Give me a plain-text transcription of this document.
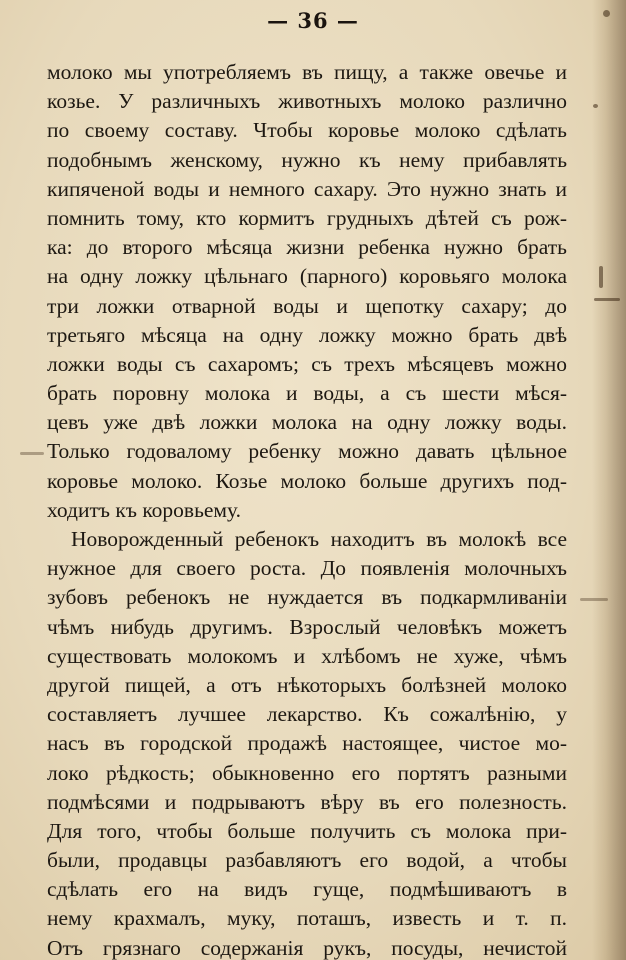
— 36 —
молоко мы употребляемъ въ пищу, а также овечье и
козье. У различныхъ животныхъ молоко различно
по своему составу. Чтобы коровье молоко сдѣлать
подобнымъ женскому, нужно къ нему прибавлять
кипяченой воды и немного сахару. Это нужно знать и
помнить тому, кто кормитъ грудныхъ дѣтей съ рож-
ка: до второго мѣсяца жизни ребенка нужно брать
на одну ложку цѣльнаго (парного) коровьяго молока
три ложки отварной воды и щепотку сахару; до
третьяго мѣсяца на одну ложку можно брать двѣ
ложки воды съ сахаромъ; съ трехъ мѣсяцевъ можно
брать поровну молока и воды, а съ шести мѣся-
цевъ уже двѣ ложки молока на одну ложку воды.
Только годовалому ребенку можно давать цѣльное
коровье молоко. Козье молоко больше другихъ под-
ходитъ къ коровьему.
Новорожденный ребенокъ находитъ въ молокѣ все
нужное для своего роста. До появленія молочныхъ
зубовъ ребенокъ не нуждается въ подкармливаніи
чѣмъ нибудь другимъ. Взрослый человѣкъ можетъ
существовать молокомъ и хлѣбомъ не хуже, чѣмъ
другой пищей, а отъ нѣкоторыхъ болѣзней молоко
составляетъ лучшее лекарство. Къ сожалѣнію, у
насъ въ городской продажѣ настоящее, чистое мо-
локо рѣдкость; обыкновенно его портятъ разными
подмѣсями и подрываютъ вѣру въ его полезность.
Для того, чтобы больше получить съ молока при-
были, продавцы разбавляютъ его водой, а чтобы
сдѣлать его на видъ гуще, подмѣшиваютъ в
нему крахмалъ, муку, поташъ, известь и т. п.
Отъ грязнаго содержанія рукъ, посуды, нечистой
